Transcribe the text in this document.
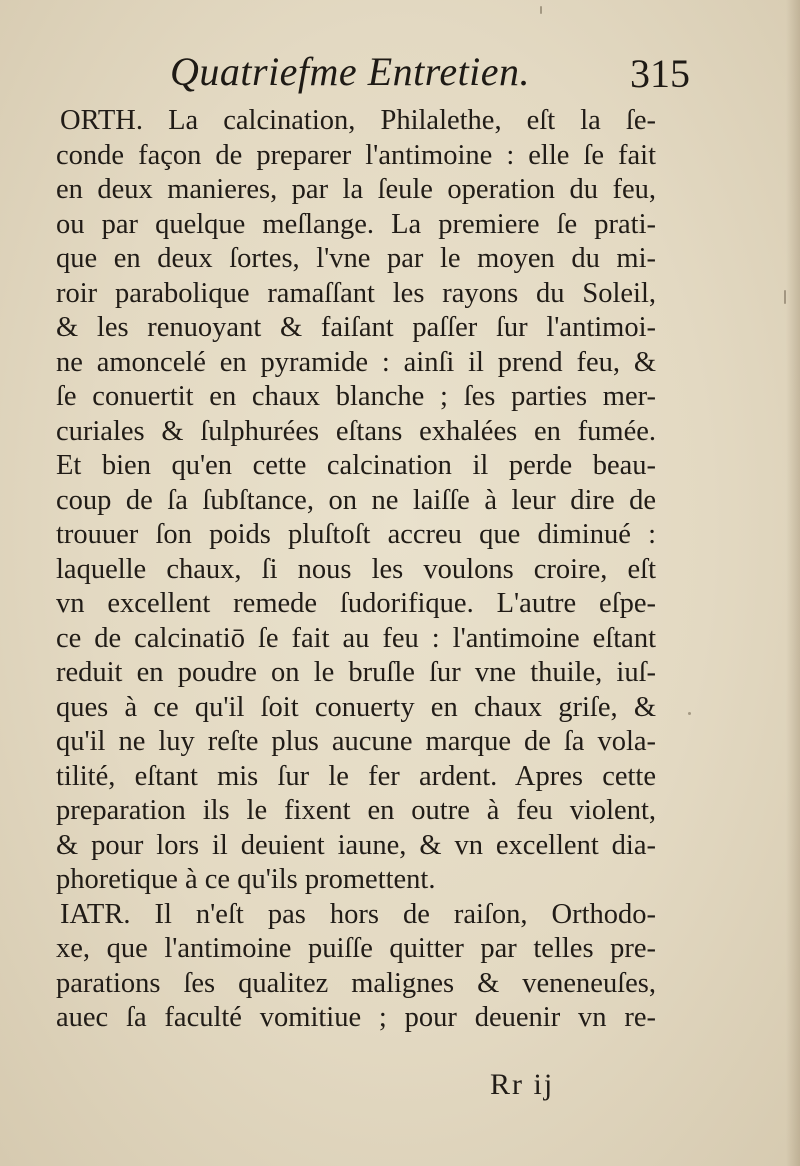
Quatriefme Entretien. 315
ORTH. La calcination, Philalethe, eſt la ſe-
conde façon de preparer l'antimoine : elle ſe fait
en deux manieres, par la ſeule operation du feu,
ou par quelque meſlange. La premiere ſe prati-
que en deux ſortes, l'vne par le moyen du mi-
roir parabolique ramaſſant les rayons du Soleil,
& les renuoyant & faiſant paſſer ſur l'antimoi-
ne amoncelé en pyramide : ainſi il prend feu, &
ſe conuertit en chaux blanche ; ſes parties mer-
curiales & ſulphurées eſtans exhalées en fumée.
Et bien qu'en cette calcination il perde beau-
coup de ſa ſubſtance, on ne laiſſe à leur dire de
trouuer ſon poids pluſtoſt accreu que diminué :
laquelle chaux, ſi nous les voulons croire, eſt
vn excellent remede ſudorifique. L'autre eſpe-
ce de calcinatiō ſe fait au feu : l'antimoine eſtant
reduit en poudre on le bruſle ſur vne thuile, iuſ-
ques à ce qu'il ſoit conuerty en chaux griſe, &
qu'il ne luy reſte plus aucune marque de ſa vola-
tilité, eſtant mis ſur le fer ardent. Apres cette
preparation ils le fixent en outre à feu violent,
& pour lors il deuient iaune, & vn excellent dia-
phoretique à ce qu'ils promettent.
IATR. Il n'eſt pas hors de raiſon, Orthodo-
xe, que l'antimoine puiſſe quitter par telles pre-
parations ſes qualitez malignes & veneneuſes,
auec ſa faculté vomitiue ; pour deuenir vn re-
Rr ij
